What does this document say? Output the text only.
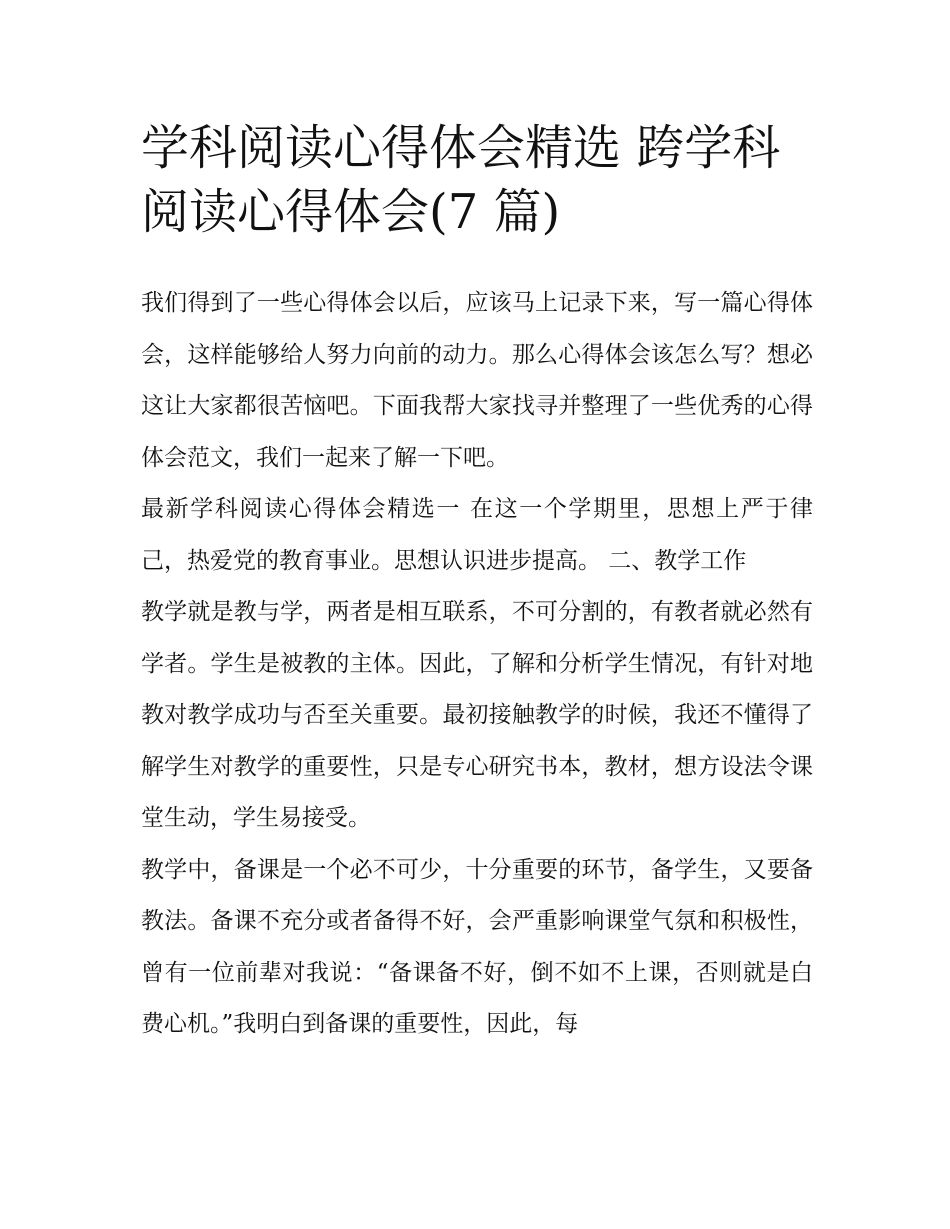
学科阅读心得体会精选 跨学科阅读心得体会(7 篇)

我们得到了一些心得体会以后，应该马上记录下来，写一篇心得体会，这样能够给人努力向前的动力。那么心得体会该怎么写？想必这让大家都很苦恼吧。下面我帮大家找寻并整理了一些优秀的心得体会范文，我们一起来了解一下吧。

最新学科阅读心得体会精选一 在这一个学期里，思想上严于律己，热爱党的教育事业。思想认识进步提高。 二、教学工作

教学就是教与学，两者是相互联系，不可分割的，有教者就必然有学者。学生是被教的主体。因此，了解和分析学生情况，有针对地教对教学成功与否至关重要。最初接触教学的时候，我还不懂得了解学生对教学的重要性，只是专心研究书本，教材，想方设法令课堂生动，学生易接受。

教学中，备课是一个必不可少，十分重要的环节，备学生，又要备教法。备课不充分或者备得不好，会严重影响课堂气氛和积极性，曾有一位前辈对我说：“备课备不好，倒不如不上课，否则就是白费心机。”我明白到备课的重要性，因此，每
